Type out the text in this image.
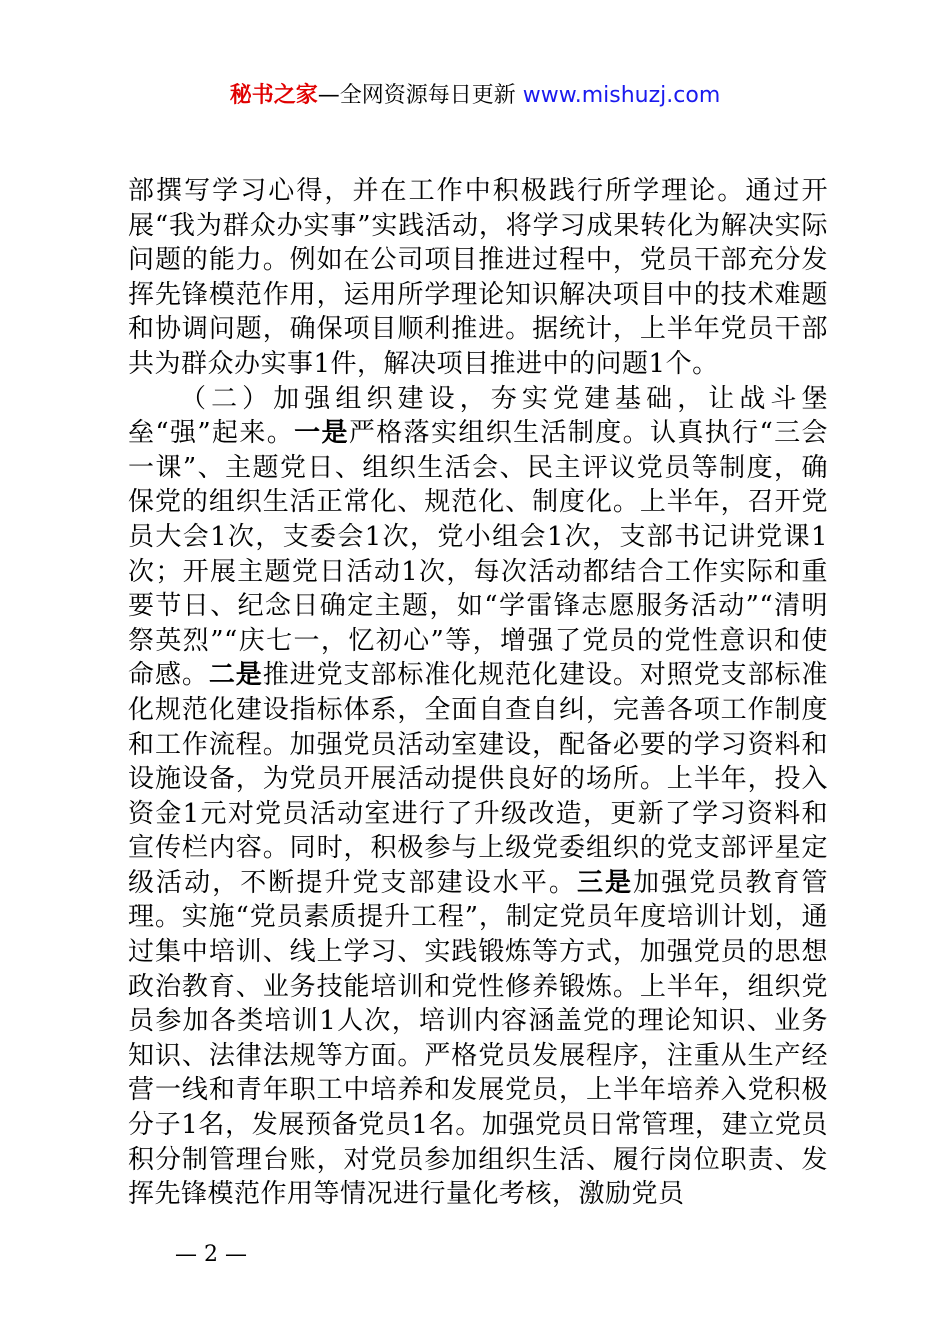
秘书之家—全网资源每日更新 www.mishuzj.com

部撰写学习心得，并在工作中积极践行所学理论。通过开展“我为群众办实事”实践活动，将学习成果转化为解决实际问题的能力。例如在公司项目推进过程中，党员干部充分发挥先锋模范作用，运用所学理论知识解决项目中的技术难题和协调问题，确保项目顺利推进。据统计，上半年党员干部共为群众办实事1件，解决项目推进中的问题1个。

（二）加强组织建设，夯实党建基础，让战斗堡垒“强”起来。一是严格落实组织生活制度。认真执行“三会一课”、主题党日、组织生活会、民主评议党员等制度，确保党的组织生活正常化、规范化、制度化。上半年，召开党员大会1次，支委会1次，党小组会1次，支部书记讲党课1次；开展主题党日活动1次，每次活动都结合工作实际和重要节日、纪念日确定主题，如“学雷锋志愿服务活动”“清明祭英烈”“庆七一，忆初心”等，增强了党员的党性意识和使命感。二是推进党支部标准化规范化建设。对照党支部标准化规范化建设指标体系，全面自查自纠，完善各项工作制度和工作流程。加强党员活动室建设，配备必要的学习资料和设施设备，为党员开展活动提供良好的场所。上半年，投入资金1元对党员活动室进行了升级改造，更新了学习资料和宣传栏内容。同时，积极参与上级党委组织的党支部评星定级活动，不断提升党支部建设水平。三是加强党员教育管理。实施“党员素质提升工程”，制定党员年度培训计划，通过集中培训、线上学习、实践锻炼等方式，加强党员的思想政治教育、业务技能培训和党性修养锻炼。上半年，组织党员参加各类培训1人次，培训内容涵盖党的理论知识、业务知识、法律法规等方面。严格党员发展程序，注重从生产经营一线和青年职工中培养和发展党员，上半年培养入党积极分子1名，发展预备党员1名。加强党员日常管理，建立党员积分制管理台账，对党员参加组织生活、履行岗位职责、发挥先锋模范作用等情况进行量化考核，激励党员

— 2 —
